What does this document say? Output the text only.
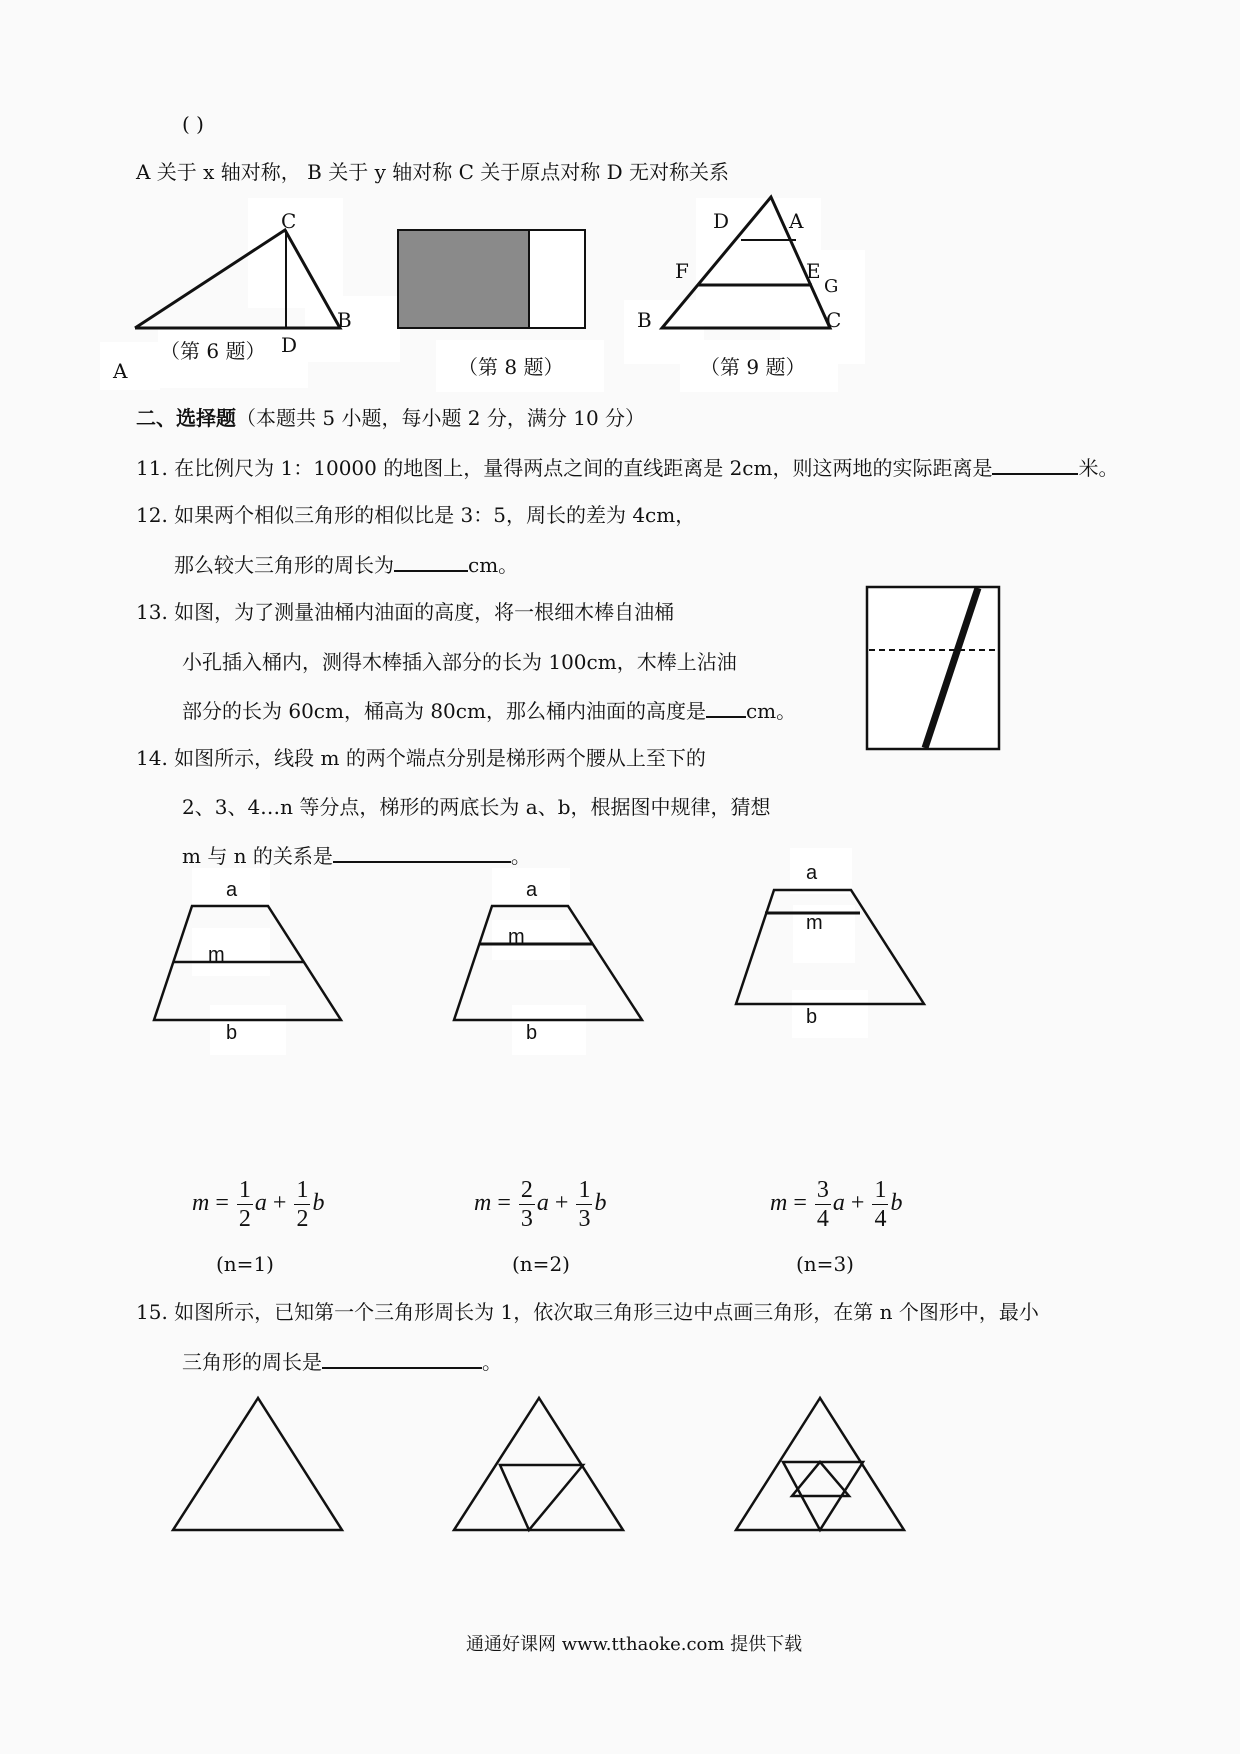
( )
A 关于 x 轴对称， B 关于 y 轴对称 C 关于原点对称 D 无对称关系
C
B
D
A
（第 6 题）
（第 8 题）
D	A
F	E
G
B	C
（第 9 题）
二、选择题（本题共 5 小题，每小题 2 分，满分 10 分）
11. 在比例尺为 1：10000 的地图上，量得两点之间的直线距离是 2cm，则这两地的实际距离是	米。
12. 如果两个相似三角形的相似比是 3：5，周长的差为 4cm，
那么较大三角形的周长为	cm。
13. 如图，为了测量油桶内油面的高度，将一根细木棒自油桶
小孔插入桶内，测得木棒插入部分的长为 100cm，木棒上沾油
部分的长为 60cm，桶高为 80cm，那么桶内油面的高度是 cm。
14. 如图所示，线段 m 的两个端点分别是梯形两个腰从上至下的
2、3、4…n 等分点，梯形的两底长为 a、b，根据图中规律，猜想
m 与 n 的关系是	。
a
m
b
a
m
b
a
m
b
$m = \frac{1}{2}$ $a + \frac{1}{2}$ b	$m = \frac{2}{3}$ $a + \frac{1}{3}$ b	$m = \frac{3}{4}$ $a + \frac{1}{4}$ b
(n=1)	(n=2)	(n=3)
15. 如图所示，已知第一个三角形周长为 1，依次取三角形三边中点画三角形，在第 n 个图形中，最小
三角形的周长是	。
通通好课网 www.tthaoke.com 提供下载
